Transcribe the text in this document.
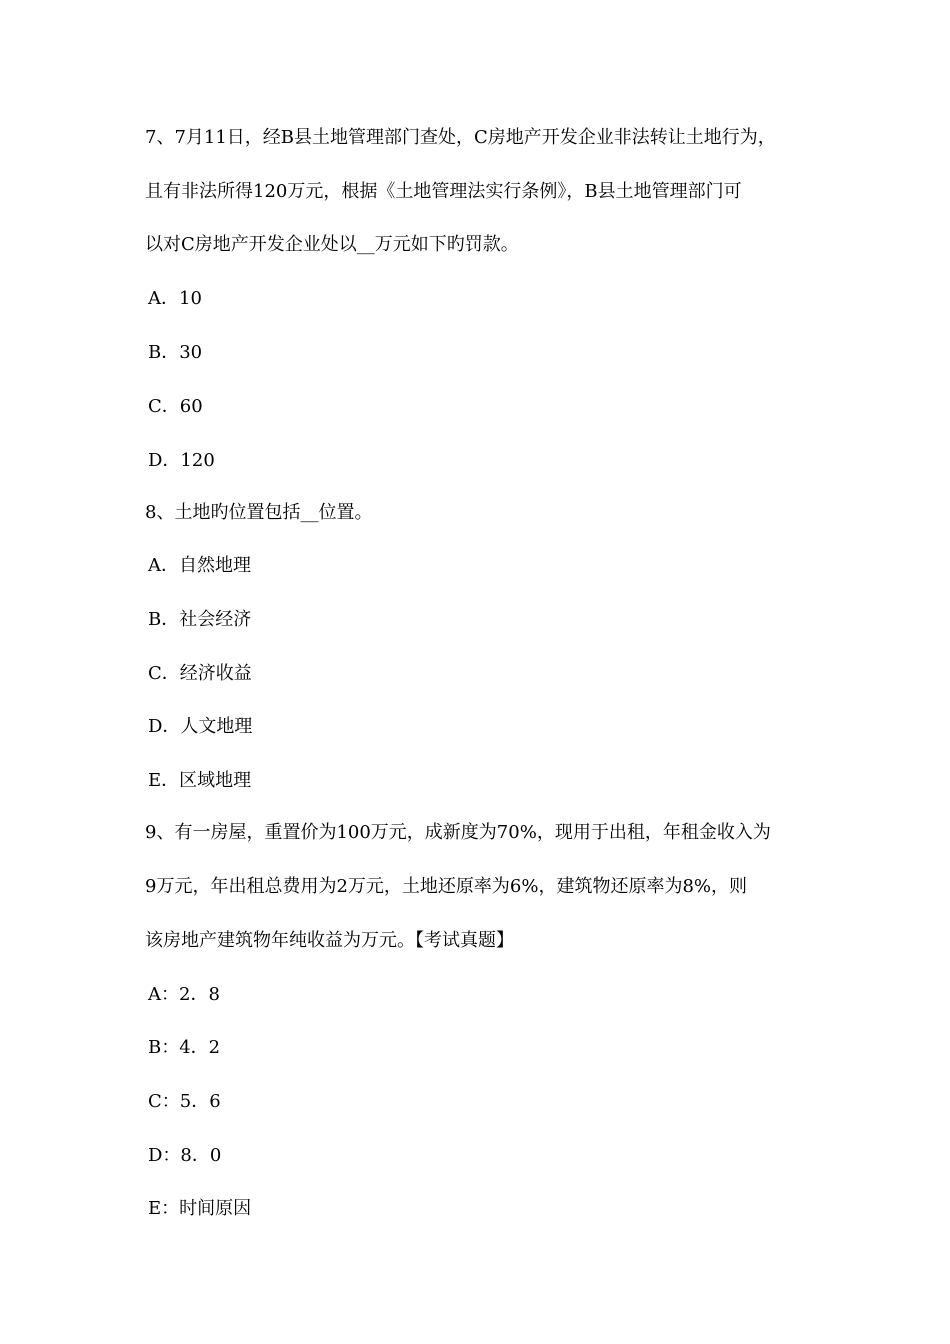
7、7月11日，经B县土地管理部门查处，C房地产开发企业非法转让土地行为，
且有非法所得120万元，根据《土地管理法实行条例》，B县土地管理部门可
以对C房地产开发企业处以__万元如下旳罚款。
A．10
B．30
C．60
D．120
8、土地旳位置包括__位置。
A．自然地理
B．社会经济
C．经济收益
D．人文地理
E．区域地理
9、有一房屋，重置价为100万元，成新度为70%，现用于出租，年租金收入为
9万元，年出租总费用为2万元，土地还原率为6%，建筑物还原率为8%，则
该房地产建筑物年纯收益为万元。【考试真题】
A：2．8
B：4．2
C：5．6
D：8．0
E：时间原因
